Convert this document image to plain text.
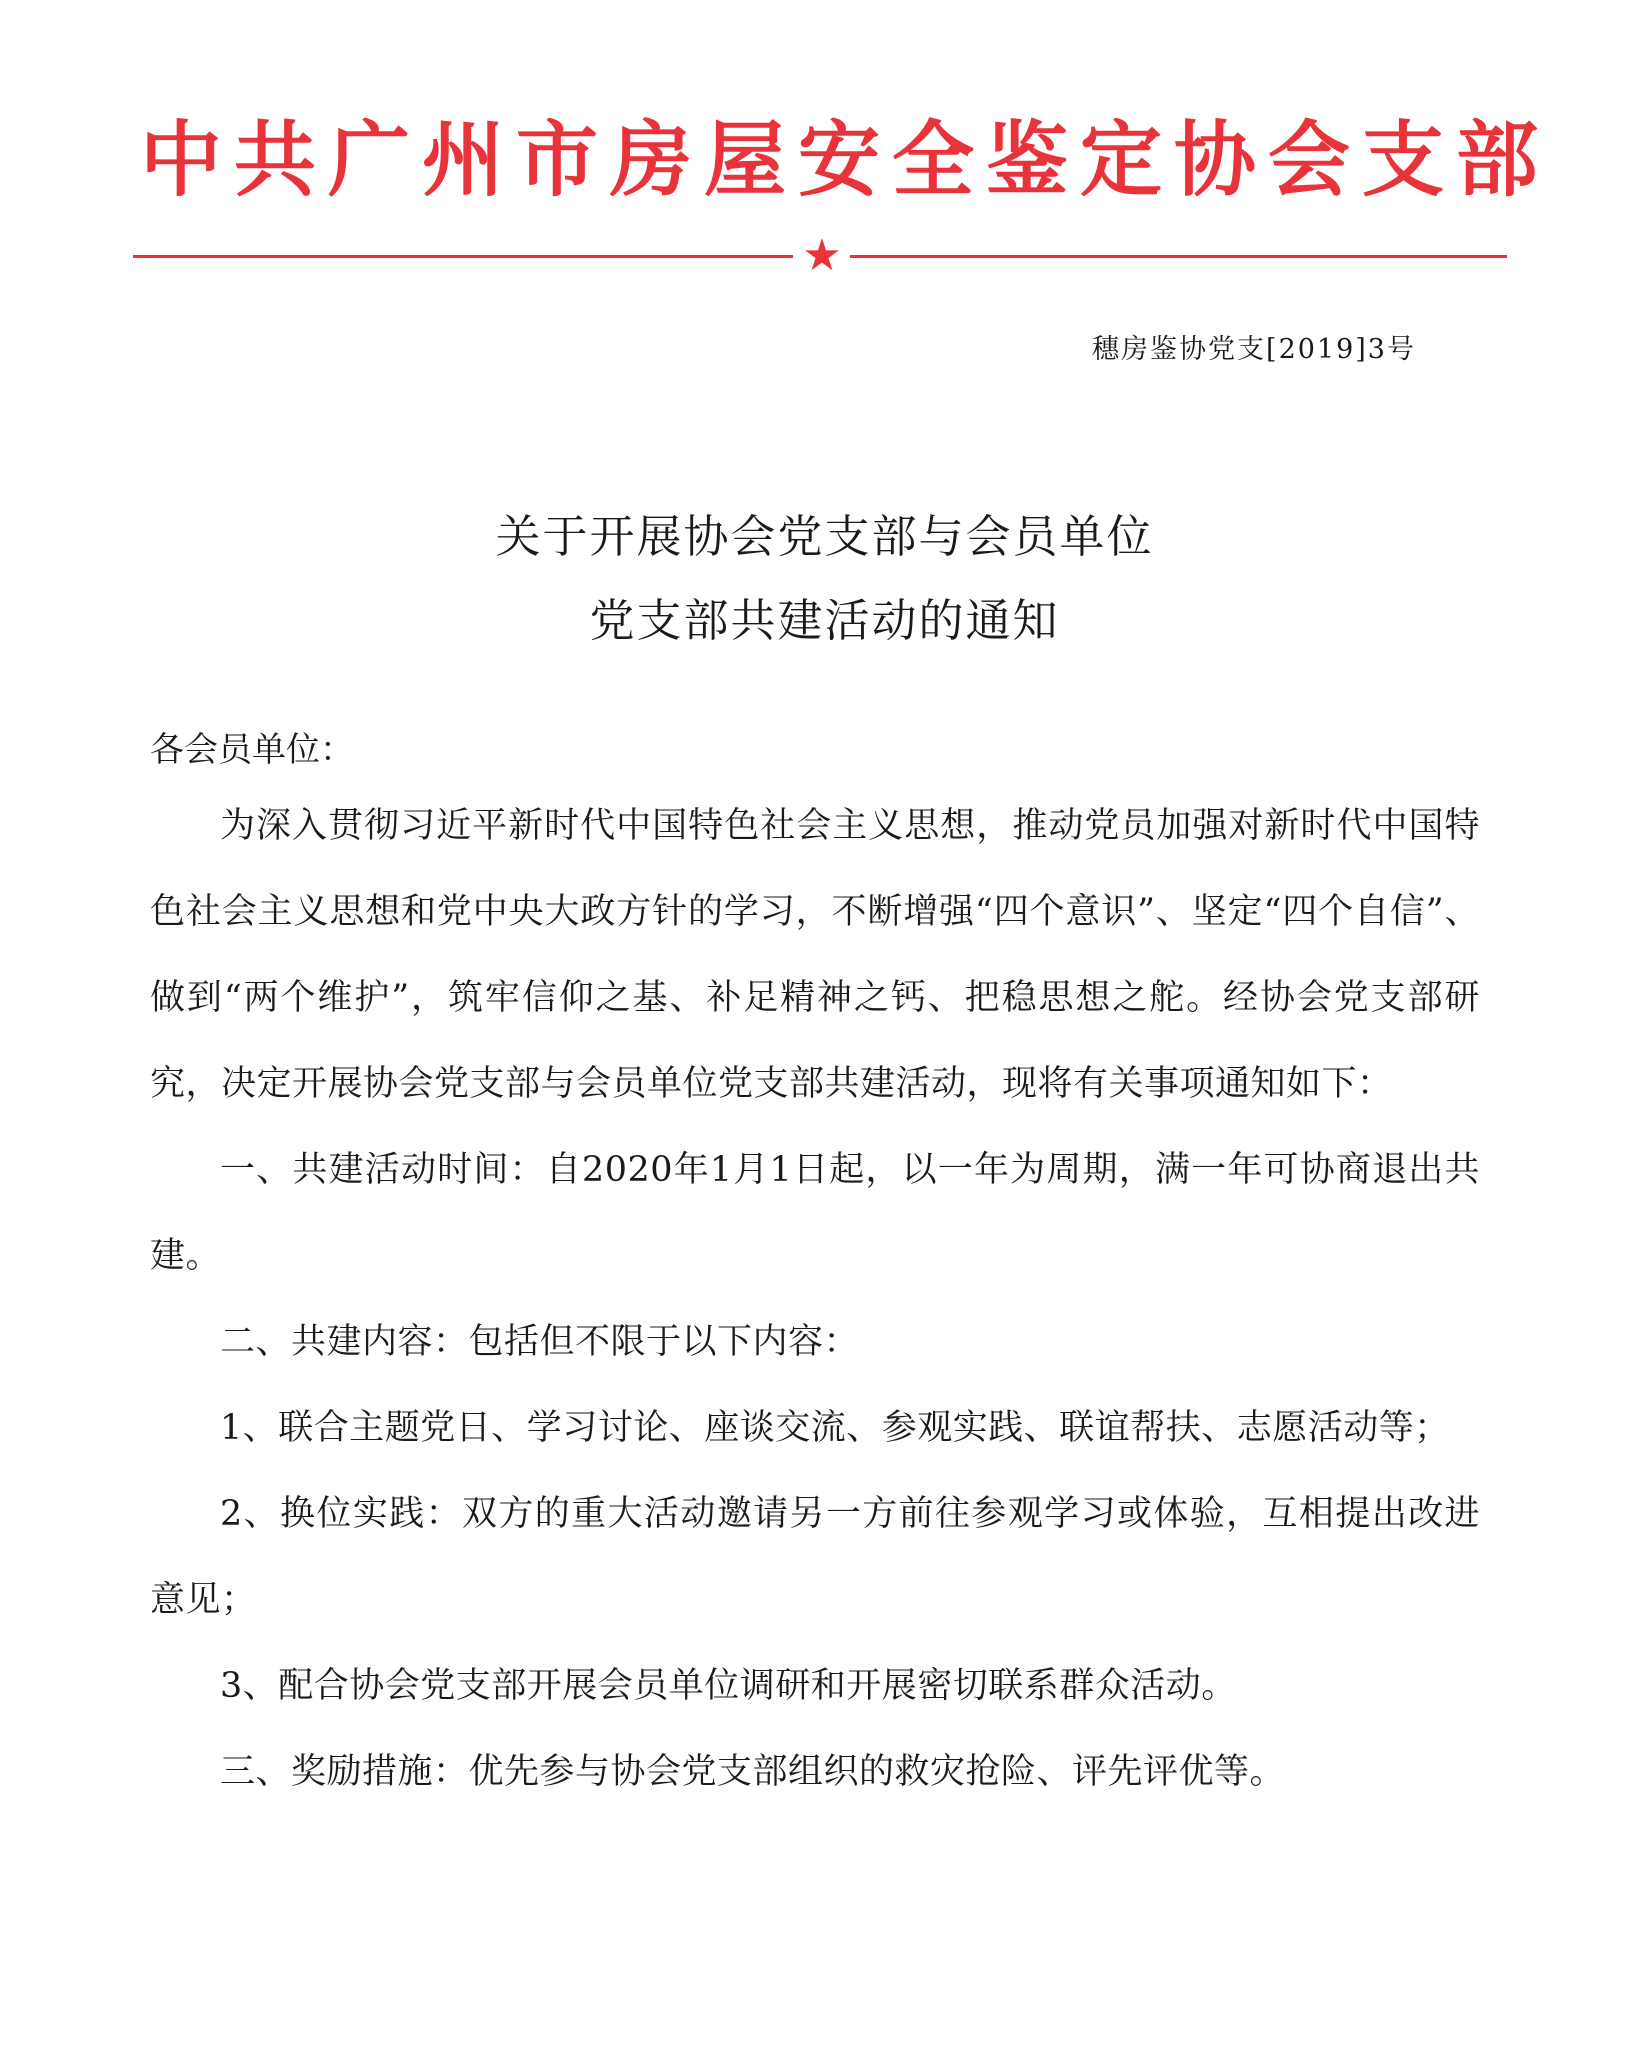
中共广州市房屋安全鉴定协会支部
★
穗房鉴协党支[2019]3号
关于开展协会党支部与会员单位
党支部共建活动的通知
各会员单位：

为深入贯彻习近平新时代中国特色社会主义思想，推动党员加强对新时代中国特色社会主义思想和党中央大政方针的学习，不断增强“四个意识”、坚定“四个自信”、做到“两个维护”，筑牢信仰之基、补足精神之钙、把稳思想之舵。经协会党支部研究，决定开展协会党支部与会员单位党支部共建活动，现将有关事项通知如下：

一、共建活动时间：自2020年1月1日起，以一年为周期，满一年可协商退出共建。

二、共建内容：包括但不限于以下内容：

1、联合主题党日、学习讨论、座谈交流、参观实践、联谊帮扶、志愿活动等；

2、换位实践：双方的重大活动邀请另一方前往参观学习或体验，互相提出改进意见；

3、配合协会党支部开展会员单位调研和开展密切联系群众活动。

三、奖励措施：优先参与协会党支部组织的救灾抢险、评先评优等。
